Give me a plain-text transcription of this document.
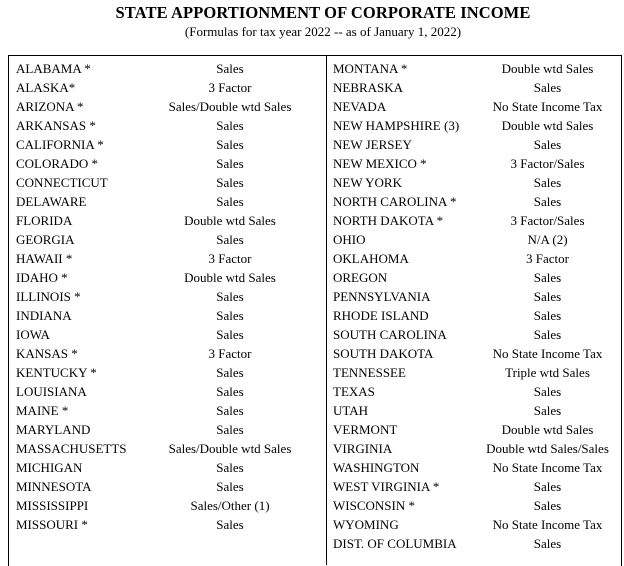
STATE APPORTIONMENT OF CORPORATE INCOME
(Formulas for tax year 2022 -- as of January 1, 2022)
ALABAMA *	Sales
ALASKA*	3 Factor
ARIZONA *	Sales/Double wtd Sales
ARKANSAS *	Sales
CALIFORNIA *	Sales
COLORADO *	Sales
CONNECTICUT	Sales
DELAWARE	Sales
FLORIDA	Double wtd Sales
GEORGIA	Sales
HAWAII *	3 Factor
IDAHO *	Double wtd Sales
ILLINOIS *	Sales
INDIANA	Sales
IOWA	Sales
KANSAS *	3 Factor
KENTUCKY *	Sales
LOUISIANA	Sales
MAINE *	Sales
MARYLAND	Sales
MASSACHUSETTS	Sales/Double wtd Sales
MICHIGAN	Sales
MINNESOTA	Sales
MISSISSIPPI	Sales/Other (1)
MISSOURI *	Sales
MONTANA *	Double wtd Sales
NEBRASKA	Sales
NEVADA	No State Income Tax
NEW HAMPSHIRE (3)	Double wtd Sales
NEW JERSEY	Sales
NEW MEXICO *	3 Factor/Sales
NEW YORK	Sales
NORTH CAROLINA *	Sales
NORTH DAKOTA *	3 Factor/Sales
OHIO	N/A (2)
OKLAHOMA	3 Factor
OREGON	Sales
PENNSYLVANIA	Sales
RHODE ISLAND	Sales
SOUTH CAROLINA	Sales
SOUTH DAKOTA	No State Income Tax
TENNESSEE	Triple wtd Sales
TEXAS	Sales
UTAH	Sales
VERMONT	Double wtd Sales
VIRGINIA	Double wtd Sales/Sales
WASHINGTON	No State Income Tax
WEST VIRGINIA *	Sales
WISCONSIN *	Sales
WYOMING	No State Income Tax
DIST. OF COLUMBIA	Sales
